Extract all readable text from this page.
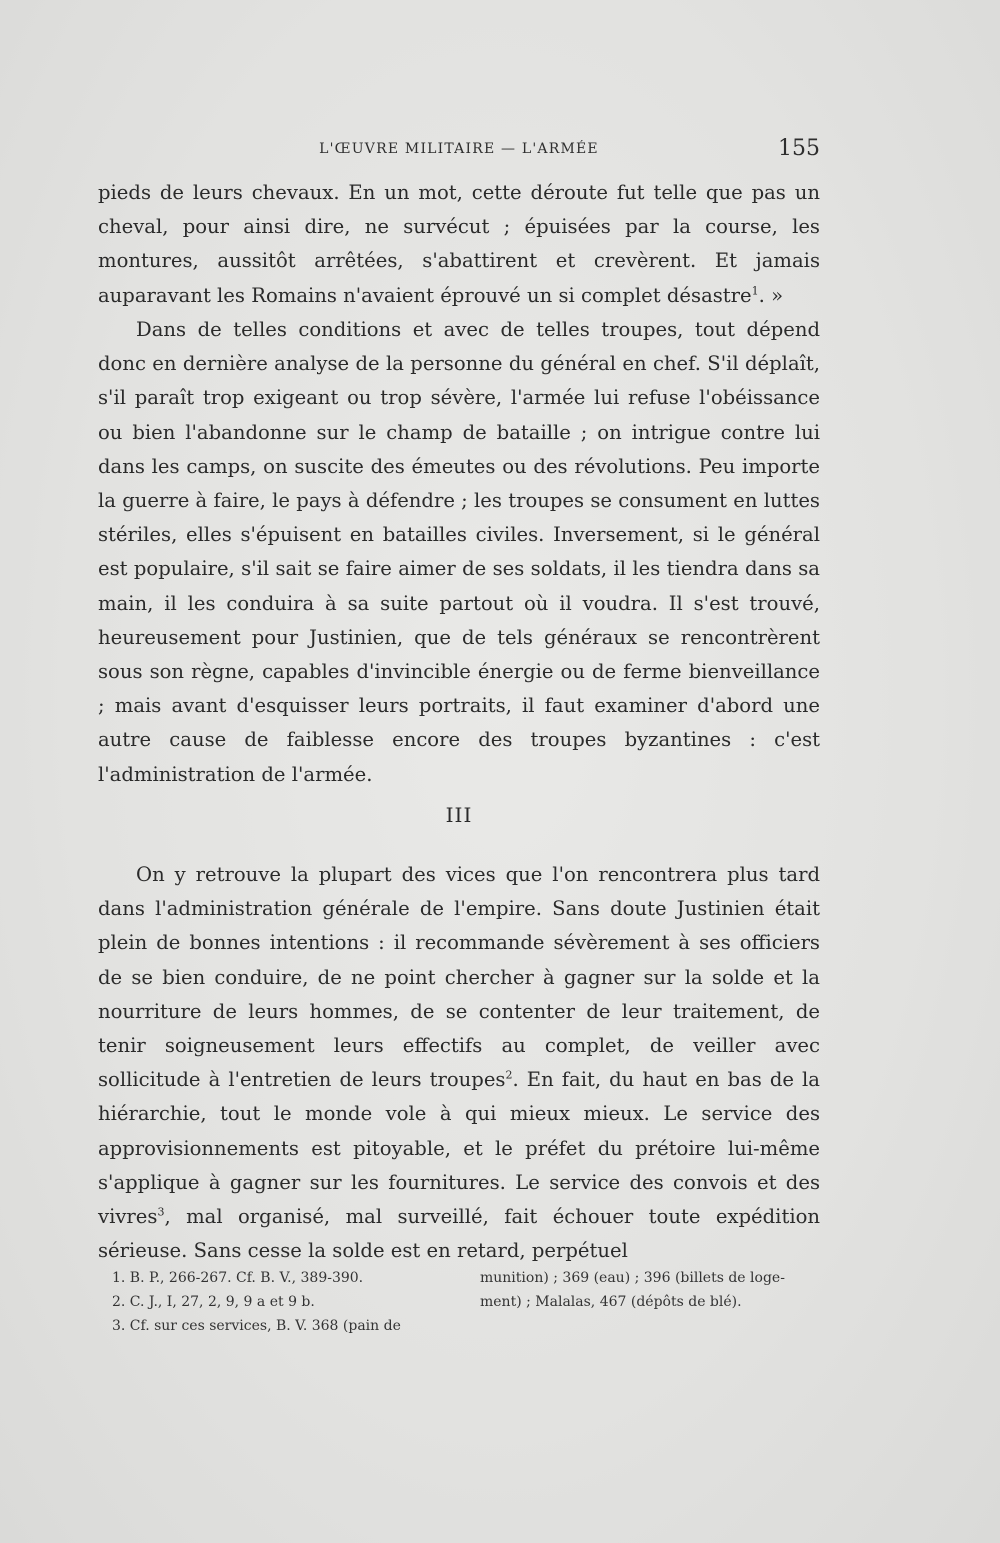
L'ŒUVRE MILITAIRE — L'ARMÉE	155

pieds de leurs chevaux. En un mot, cette déroute fut telle que pas un cheval, pour ainsi dire, ne survécut ; épuisées par la course, les montures, aussitôt arrêtées, s'abattirent et crevèrent. Et jamais auparavant les Romains n'avaient éprouvé un si complet désastre$^1$. »

Dans de telles conditions et avec de telles troupes, tout dépend donc en dernière analyse de la personne du général en chef. S'il déplaît, s'il paraît trop exigeant ou trop sévère, l'armée lui refuse l'obéissance ou bien l'abandonne sur le champ de bataille ; on intrigue contre lui dans les camps, on suscite des émeutes ou des révolutions. Peu importe la guerre à faire, le pays à défendre ; les troupes se consument en luttes stériles, elles s'épuisent en batailles civiles. Inversement, si le général est populaire, s'il sait se faire aimer de ses soldats, il les tiendra dans sa main, il les conduira à sa suite partout où il voudra. Il s'est trouvé, heureusement pour Justinien, que de tels généraux se rencontrèrent sous son règne, capables d'invincible énergie ou de ferme bienveillance ; mais avant d'esquisser leurs portraits, il faut examiner d'abord une autre cause de faiblesse encore des troupes byzantines : c'est l'administration de l'armée.

III

On y retrouve la plupart des vices que l'on rencontrera plus tard dans l'administration générale de l'empire. Sans doute Justinien était plein de bonnes intentions : il recommande sévèrement à ses officiers de se bien conduire, de ne point chercher à gagner sur la solde et la nourriture de leurs hommes, de se contenter de leur traitement, de tenir soigneusement leurs effectifs au complet, de veiller avec sollicitude à l'entretien de leurs troupes$^2$. En fait, du haut en bas de la hiérarchie, tout le monde vole à qui mieux mieux. Le service des approvisionnements est pitoyable, et le préfet du prétoire lui-même s'applique à gagner sur les fournitures. Le service des convois et des vivres$^3$, mal organisé, mal surveillé, fait échouer toute expédition sérieuse. Sans cesse la solde est en retard, perpétuel

1. B. P., 266-267. Cf. B. V., 389-390.
2. C. J., I, 27, 2, 9, 9 a et 9 b.
3. Cf. sur ces services, B. V. 368 (pain de
munition) ; 369 (eau) ; 396 (billets de loge-
ment) ; Malalas, 467 (dépôts de blé).
